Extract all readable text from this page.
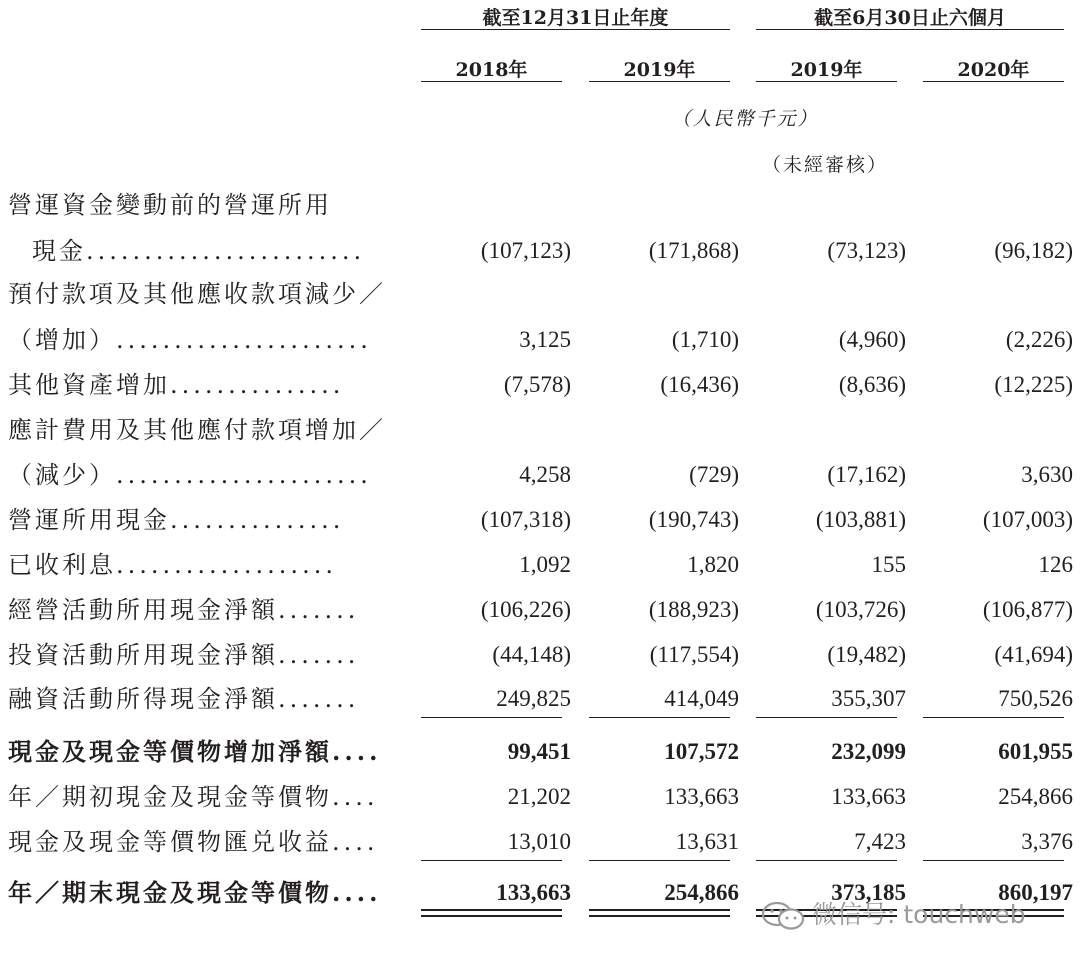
截至12月31日止年度	截至6月30日止六個月
2018年	2019年	2019年	2020年
（人民幣千元）
（未經審核）
營運資金變動前的營運所用
現金........................	(107,123)	(171,868)	(73,123)	(96,182)
預付款項及其他應收款項減少／
（增加）......................	3,125	(1,710)	(4,960)	(2,226)
其他資產增加...............	(7,578)	(16,436)	(8,636)	(12,225)
應計費用及其他應付款項增加／
（減少）......................	4,258	(729)	(17,162)	3,630
營運所用現金...............	(107,318)	(190,743)	(103,881)	(107,003)
已收利息...................	1,092	1,820	155	126
經營活動所用現金淨額.......	(106,226)	(188,923)	(103,726)	(106,877)
投資活動所用現金淨額.......	(44,148)	(117,554)	(19,482)	(41,694)
融資活動所得現金淨額.......	249,825	414,049	355,307	750,526
現金及現金等價物增加淨額....	99,451	107,572	232,099	601,955
年／期初現金及現金等價物....	21,202	133,663	133,663	254,866
現金及現金等價物匯兑收益....	13,010	13,631	7,423	3,376
年／期末現金及現金等價物....	133,663	254,866	373,185	860,197
微信号: touchweb
